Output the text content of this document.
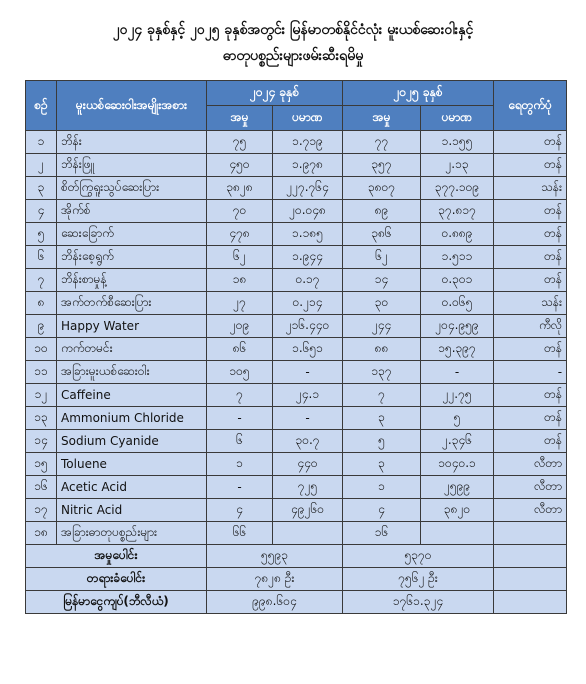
၂၀၂၄ ခုနှစ်နှင့် ၂၀၂၅ ခုနှစ်အတွင်း မြန်မာတစ်နိုင်ငံလုံး မူးယစ်ဆေးဝါးနှင့်
ဓာတုပစ္စည်းများဖမ်းဆီးရမိမှု
စဉ်	မူးယစ်ဆေးဝါးအမျိုးအစား	၂၀၂၄ ခုနှစ်		၂၀၂၅ ခုနှစ်		ရေတွက်ပုံ
		အမှု	ပမာဏ	အမှု	ပမာဏ	
၁	ဘိန်း	၇၅	၁.၇၁၉	၇၇	၁.၁၅၅	တန်
၂	ဘိန်းဖြူ	၄၅၀	၁.၉၇၈	၃၅၇	၂.၁၃	တန်
၃	စိတ်ကြွရူးသွပ်ဆေးပြား	၃၈၂၈	၂၂၇.၇၆၄	၃၈၀၇	၃၇၇.၁၀၉	သန်း
၄	အိုက်စ်	၇၀	၂၀.၀၄၈	၈၉	၃၇.၈၁၇	တန်
၅	ဆေးခြောက်	၄၇၈	၁.၁၈၅	၃၈၆	၀.၈၈၉	တန်
၆	ဘိန်းစေ့ရွက်	၆၂	၁.၉၄၄	၆၂	၁.၅၁၁	တန်
၇	ဘိန်းစာမှုန့်	၁၈	၀.၁၇	၁၄	၀.၃၀၁	တန်
၈	အက်တက်စီဆေးပြား	၂၇	၀.၂၁၄	၃၀	၀.၀၆၅	သန်း
၉	Happy Water	၂၀၉	၂၁၆.၄၄၀	၂၄၄	၂၀၄.၉၅၉	ကီလို
၁၀	ကက်တမင်း	၈၆	၁.၆၅၁	၈၈	၁၅.၃၉၇	တန်
၁၁	အခြားမူးယစ်ဆေးဝါး	၁၀၅	-	၁၃၇	-	-
၁၂	Caffeine	၇	၂၄.၁	၇	၂၂.၇၅	တန်
၁၃	Ammonium Chloride	-	-	၃	၅	တန်
၁၄	Sodium Cyanide	၆	၃၀.၇	၅	၂.၃၄၆	တန်
၁၅	Toluene	၁	၄၄၀	၃	၁၀၄၀.၁	လီတာ
၁၆	Acetic Acid	-	၇၂၅	၁	၂၅၉၉	လီတာ
၁၇	Nitric Acid	၄	၄၉၂၆၀	၄	၃၈၂၀	လီတာ
၁၈	အခြားဓာတုပစ္စည်းများ	၆၆		၁၆		
အမှုပေါင်း		၅၅၉၃		၅၃၇၀		
တရားခံပေါင်း		၇၈၂၈ ဦး		၇၅၆၂ ဦး		
မြန်မာငွေကျပ်(ဘီလီယံ)		၉၉၈.၆၀၄		၁၇၆၁.၃၂၄		
